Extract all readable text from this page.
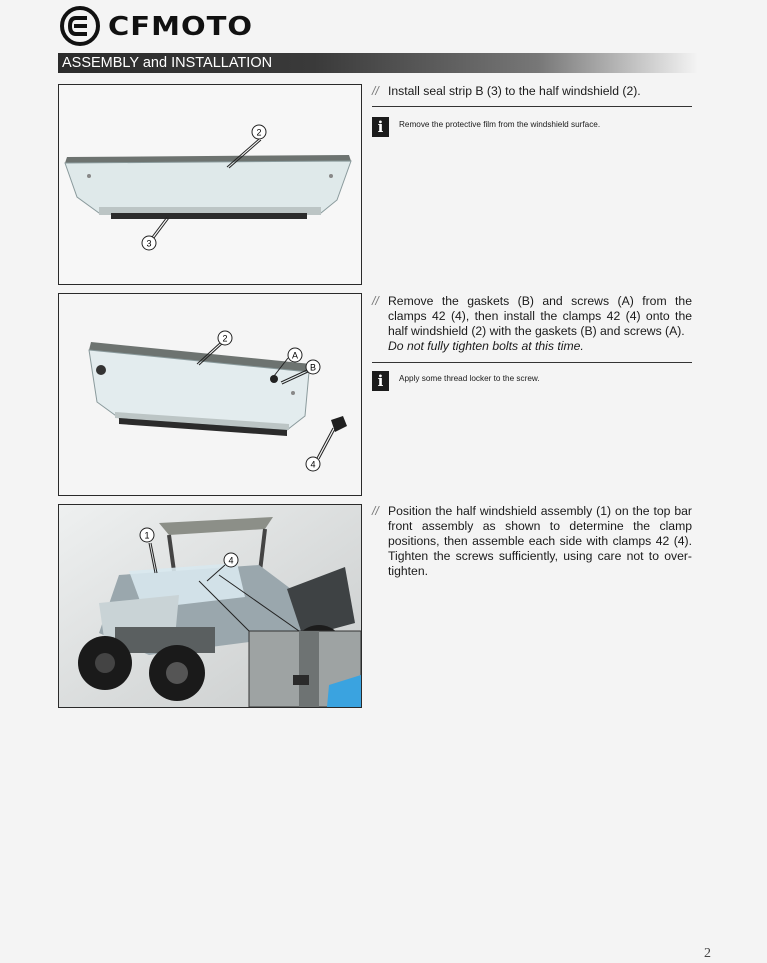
CFMOTO
ASSEMBLY and INSTALLATION
2
3
2
A
B
4
1
4
// Install seal strip B (3) to the half windshield (2).
i	Remove the protective film from the windshield surface.
// Remove the gaskets (B) and screws (A) from the clamps 42 (4), then install the clamps 42 (4) onto the half windshield (2) with the gaskets (B) and screws (A).
Do not fully tighten bolts at this time.
i	Apply some thread locker to the screw.
// Position the half windshield assembly (1) on the top bar front assembly as shown to determine the clamp positions, then assemble each side with clamps 42 (4). Tighten the screws sufficiently, using care not to over-tighten.
2
